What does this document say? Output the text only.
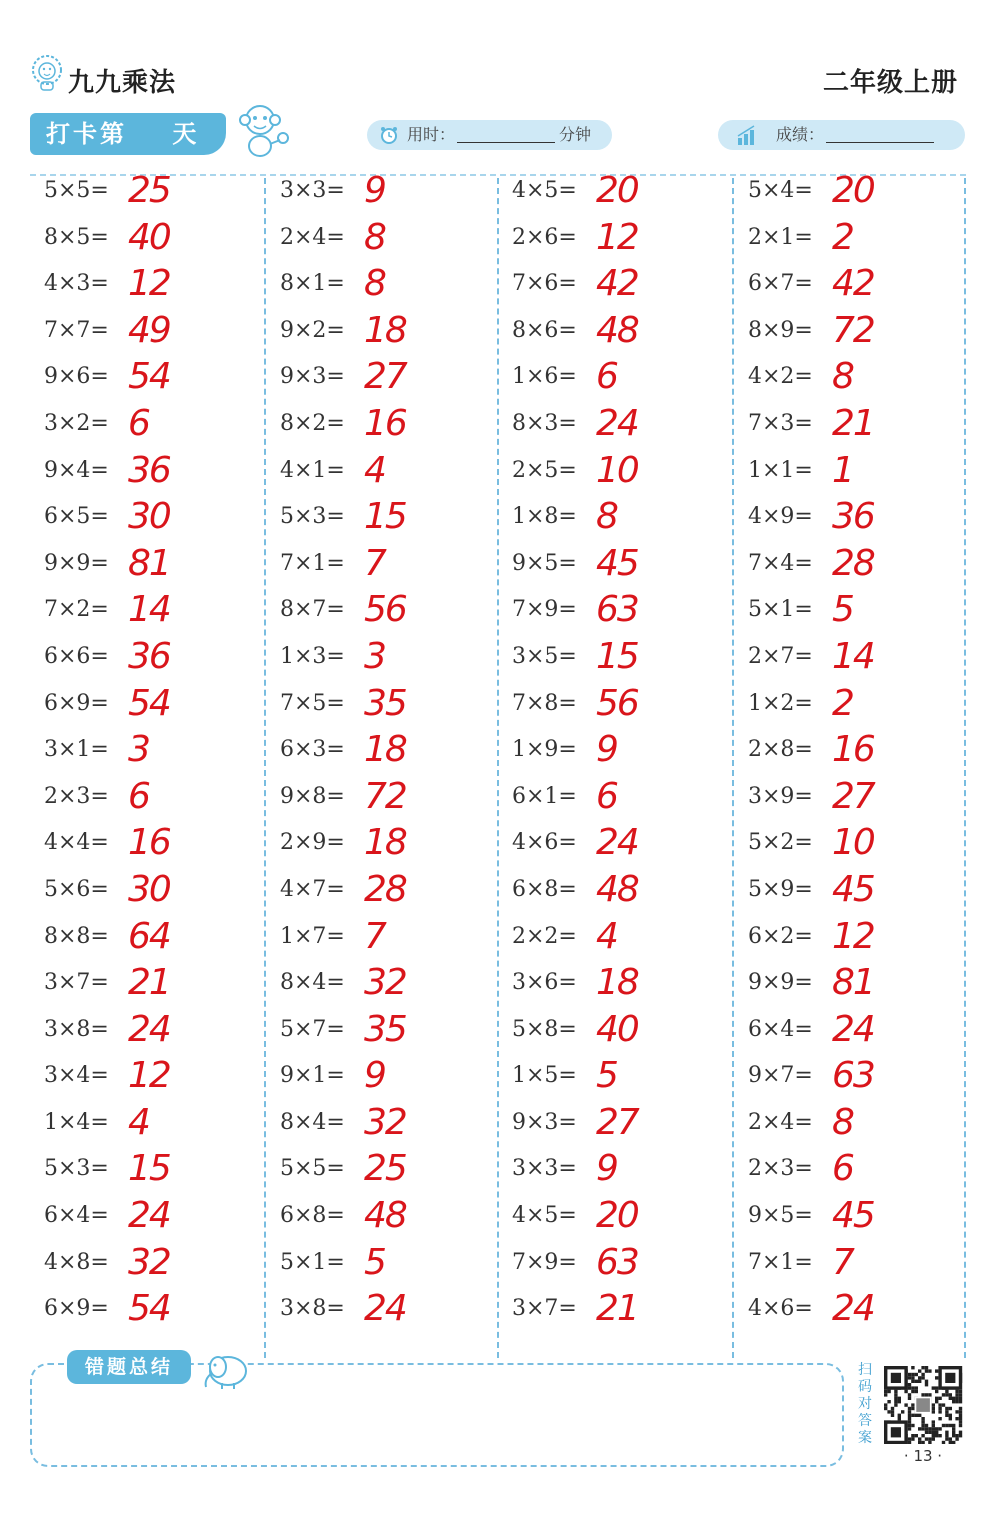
九九乘法	二年级上册
打卡第    天	用时：	分钟	成绩：
5×5= 25
8×5= 40
4×3= 12
7×7= 49
9×6= 54
3×2= 6
9×4= 36
6×5= 30
9×9= 81
7×2= 14
6×6= 36
6×9= 54
3×1= 3
2×3= 6
4×4= 16
5×6= 30
8×8= 64
3×7= 21
3×8= 24
3×4= 12
1×4= 4
5×3= 15
6×4= 24
4×8= 32
6×9= 54
3×3= 9
2×4= 8
8×1= 8
9×2= 18
9×3= 27
8×2= 16
4×1= 4
5×3= 15
7×1= 7
8×7= 56
1×3= 3
7×5= 35
6×3= 18
9×8= 72
2×9= 18
4×7= 28
1×7= 7
8×4= 32
5×7= 35
9×1= 9
8×4= 32
5×5= 25
6×8= 48
5×1= 5
3×8= 24
4×5= 20
2×6= 12
7×6= 42
8×6= 48
1×6= 6
8×3= 24
2×5= 10
1×8= 8
9×5= 45
7×9= 63
3×5= 15
7×8= 56
1×9= 9
6×1= 6
4×6= 24
6×8= 48
2×2= 4
3×6= 18
5×8= 40
1×5= 5
9×3= 27
3×3= 9
4×5= 20
7×9= 63
3×7= 21
5×4= 20
2×1= 2
6×7= 42
8×9= 72
4×2= 8
7×3= 21
1×1= 1
4×9= 36
7×4= 28
5×1= 5
2×7= 14
1×2= 2
2×8= 16
3×9= 27
5×2= 10
5×9= 45
6×2= 12
9×9= 81
6×4= 24
9×7= 63
2×4= 8
2×3= 6
9×5= 45
7×1= 7
4×6= 24
错题总结	扫码对答案
· 13 ·
